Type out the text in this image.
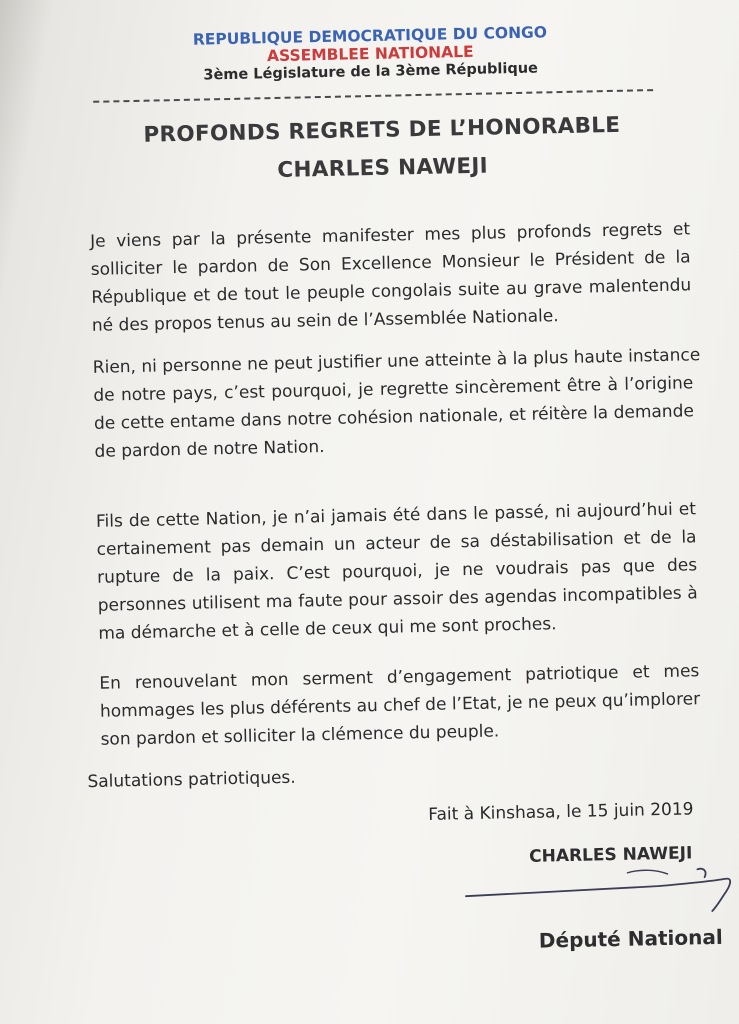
REPUBLIQUE DEMOCRATIQUE DU CONGO
ASSEMBLEE NATIONALE
3ème Législature de la 3ème République
PROFONDS REGRETS DE L’HONORABLE
CHARLES NAWEJI
Je viens par la présente manifester mes plus profonds regrets et
solliciter le pardon de Son Excellence Monsieur le Président de la
République et de tout le peuple congolais suite au grave malentendu
né des propos tenus au sein de l’Assemblée Nationale.
Rien, ni personne ne peut justifier une atteinte à la plus haute instance
de notre pays, c’est pourquoi, je regrette sincèrement être à l’origine
de cette entame dans notre cohésion nationale, et réitère la demande
de pardon de notre Nation.
Fils de cette Nation, je n’ai jamais été dans le passé, ni aujourd’hui et
certainement pas demain un acteur de sa déstabilisation et de la
rupture de la paix. C’est pourquoi, je ne voudrais pas que des
personnes utilisent ma faute pour assoir des agendas incompatibles à
ma démarche et à celle de ceux qui me sont proches.
En renouvelant mon serment d’engagement patriotique et mes
hommages les plus déférents au chef de l’Etat, je ne peux qu’implorer
son pardon et solliciter la clémence du peuple.
Salutations patriotiques.
Fait à Kinshasa, le 15 juin 2019
CHARLES NAWEJI
Député National
